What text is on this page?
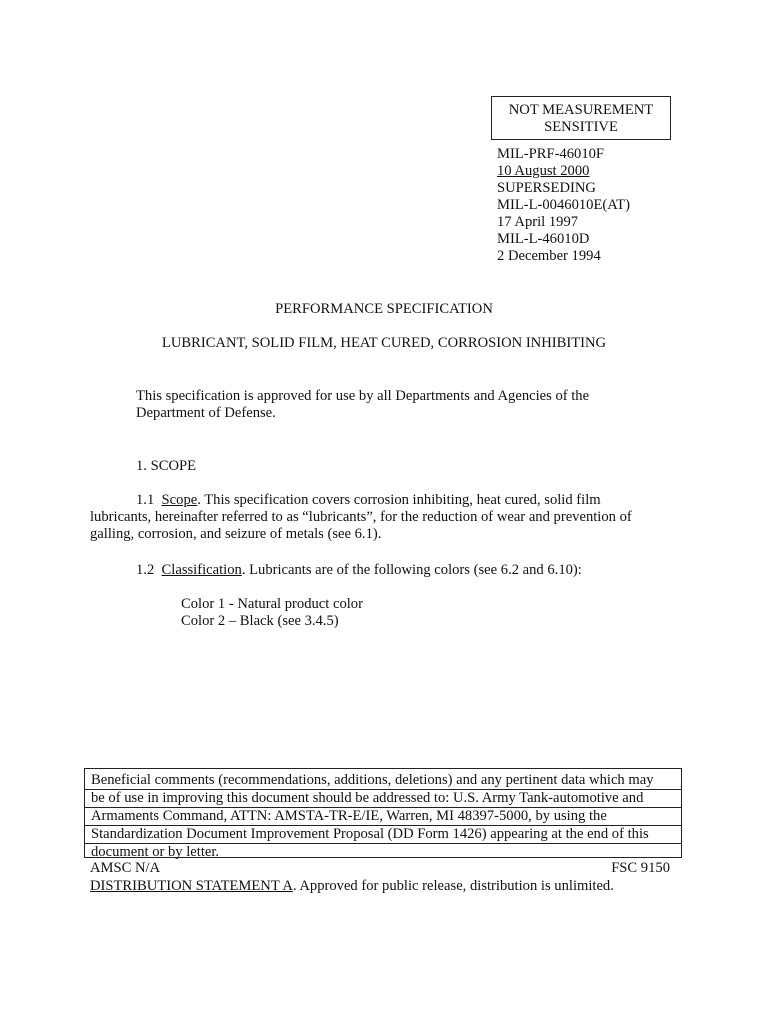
NOT MEASUREMENT
SENSITIVE
MIL-PRF-46010F
10 August 2000
SUPERSEDING
MIL-L-0046010E(AT)
17 April 1997
MIL-L-46010D
2 December 1994
PERFORMANCE SPECIFICATION
LUBRICANT, SOLID FILM, HEAT CURED, CORROSION INHIBITING
This specification is approved for use by all Departments and Agencies of the
Department of Defense.
1. SCOPE
1.1 Scope. This specification covers corrosion inhibiting, heat cured, solid film
lubricants, hereinafter referred to as “lubricants”, for the reduction of wear and prevention of
galling, corrosion, and seizure of metals (see 6.1).
1.2 Classification. Lubricants are of the following colors (see 6.2 and 6.10):
Color 1 - Natural product color
Color 2 – Black (see 3.4.5)
Beneficial comments (recommendations, additions, deletions) and any pertinent data which may
be of use in improving this document should be addressed to: U.S. Army Tank-automotive and
Armaments Command, ATTN: AMSTA-TR-E/IE, Warren, MI 48397-5000, by using the
Standardization Document Improvement Proposal (DD Form 1426) appearing at the end of this
document or by letter.
AMSC N/A	FSC 9150
DISTRIBUTION STATEMENT A. Approved for public release, distribution is unlimited.
